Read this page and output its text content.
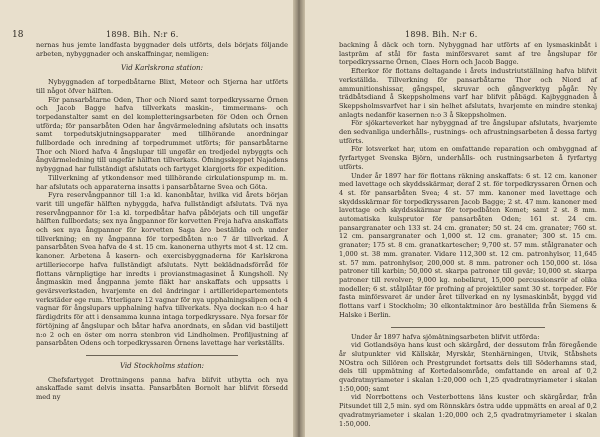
18	1898. Bih. N:r 6.

nernas hus jemte landfasta byggnader dels utförts, dels börjats följande arbeten, nybyggnader och anskaffningar, nemligen:

Vid Karlskrona station:

Nybyggnaden af torpedbåtarne Blixt, Meteor och Stjerna har utförts till något öfver hälften.

För pansarbåtarne Oden, Thor och Niord samt torpedkryssarne Örnen och Jacob Bagge hafva tillverkats maskin-, timmermans- och torpedanstalter samt en del kompletteringsarbeten för Oden och Örnen utförda; för pansarbåten Oden har ångvärmeledning afslutats och insatts samt torpedutskjutningsapparater med tillhörande anordningar fullbordade och inredning af torpedrummet utförts; för pansarbåtarne Thor och Niord hafva 4 ångslupar till ungefär en tredjedel nybyggts och ångvärmeledning till ungefär hälften tillverkats. Öfningsskeppet Najadens nybyggnad har fullständigt afslutats och fartyget klargjorts för expedition.

Tillverkning af ytkondensor med tillhörande cirkulationspump m. m. har afslutats och apparaterna insatts i pansarbåtarne Svea och Göta.

Fyra reservångpannor till 1:a kl. kanonbåtar, hvilka vid årets början varit till ungefär hälften nybyggda, hafva fullständigt afslutats. Tvä nya reservångpannor för 1:a kl. torpedbåtar hafva påbörjats och till ungefär hälften fullbordats; sex nya ångpannor för korvetten Freja hafva anskaffats och sex nya ångpannor för korvetten Saga äro beställda och under tillverkning; en ny ångpanna för torpedbåten n:o 7 är tillverkad. Å pansarbåten Svea hafva de 4 st. 15 cm. kanonerna uthyrts mot 4 st. 12 cm. kanoner. Arbetena å kasern- och exercisbyggnaderna för Karlskrona artilleriecorpe hafva fullständigt afslutats. Nytt beklädnadsförråd för flottans värnpligtige har inredts i provianstmagasinet å Kungsholl. Ny ångmaskin med ångpanna jemte fläkt har anskaffats och uppsatts i gevärsverkstaden, hvarjemte en del ändringar i artilleridepartementets verkstäder ege rum. Ytterligare 12 vagnar för nya upphalningsslipen och 4 vagnar för ångslupars upphalning hafva tillverkats. Nya dockan n:o 4 har färdigdrits för att i densamma kunna intaga torpedkryssare. Nya forsar för förtöjning af ångslupar och båtar hafva anordnats, en sådan vid bastiljett n:o 2 och en öster om norra stenbron vid Lindholmen. Profiljustning af pansarbåten Odens och torpedkryssaren Örnens lavettage har verkställts.

Vid Stockholms station:

Chefsfartyget Drottningens panna hafva blifvit utbytta och nya anskaffade samt delvis insatta. Pansarbåten Bornolt har blifvit försedd med ny

1898. Bih. N:r 6.

backning å däck och torn. Nybyggnad har utförts af en lysmaskinbåt i lastprām af stål för fasta minförsvaret samt af tre ångslupar för torpedkryssarne Örnen, Claes Horn och Jacob Bagge.

Efterkor för flottans deltagande i årets industriutställning hafva blifvit verkställda. Tillverkning för pansarbåtarne Thor och Niord af ammunitionshissar, gångspel, skruvar och gångverktyg pågår. Ny trädbåtsdiand å Skeppsholmens varf har blifvit påbägd. Kajbyggnaden å Skeppsholmsvarfvet har i sin helhet afslutats, hvarjemte en mindre stenkaj anlagts nedanför kasernen n:o 3 å Skeppsholmen.

För sjökarteverket har nybyggnad af tre ångslupar afslutats, hvarjemte den sedvanliga underhålls-, rustnings- och afrustningsarbeten å dessa fartyg utförts.

För lotsverket har, utom en omfattande reparation och ombyggnad af fyrfartyget Svenska Björn, underhålls- och rustningsarbeten å fyrfartyg utförts.

Under år 1897 har för flottans räkning anskaffats: 6 st. 12 cm. kanoner med lavettage och skyddsskärmar, deraf 2 st. för torpedkryssaren Örnen och 4 st. för pansarbåten Svea; 4 st. 57 mm. kanoner med lavettage och skyddsskärmar för torpedkryssaren Jacob Bagge; 2 st. 47 mm. kanoner med lavettage och skyddsskärmar för torpedbåten Komet; samt 2 st. 8 mm. automatiska kulsprutor för pansarbåten Oden; 161 st. 24 cm. pansargranater och 133 st. 24 cm. granater; 50 st. 24 cm. granater; 760 st. 12 cm. pansargranater och 1,000 st. 12 cm. granater; 300 st. 15 cm. granater; 175 st. 8 cm. granatkartescher; 9,700 st. 57 mm. stålgranater och 1,000 st. 38 mm. granater. Vidare 112,300 st. 12 cm. patronhylsor, 11,645 st. 57 mm. patronhylsor, 200,000 st. 8 mm. patroner och 150,000 st. lösa patroner till karbin; 50,000 st. skarpa patroner till gevär; 10,000 st. skarpa patroner till revolver; 9,000 kg. nobelkrut, 15,000 percussionsrör af olika modeller; 6 st. stålplåtar för profning af projektiler samt 30 st. torpeder. För fasta minförsvaret är under året tillverkad en ny lysmaskinbåt, byggd vid flottans varf i Stockholm; 30 elkontaktminor äro beställda från Siemens & Halske i Berlin.

Under år 1897 hafva sjömätningsarbeten blifvit utförda:

vid Gotlandsöya hans kust och skärgård, der dessutom från föregående år slutpunkter vid Källskär, Myrskär, Stenhärningen, Utvik, Ståbshets NOstra och Sillören och Prestgrundet fortsatts dels till Söderhamns stad, dels till uppmätning af Kortedalsområde, omfattande en areal af 0,2 qvadratmyriameter i skalan 1:20,000 och 1,25 qvadratmyriameter i skalan 1:50,000; samt

vid Norrbottens och Vesterbottens läns kuster och skärgårdar, från Pitsundet till 2,5 min. syd om Rönnskärs östra udde uppmätts en areal af 0,2 qvadratmyriameter i skalan 1:20,000 och 2,5 qvadratmyriameter i skalan 1:50,000.
